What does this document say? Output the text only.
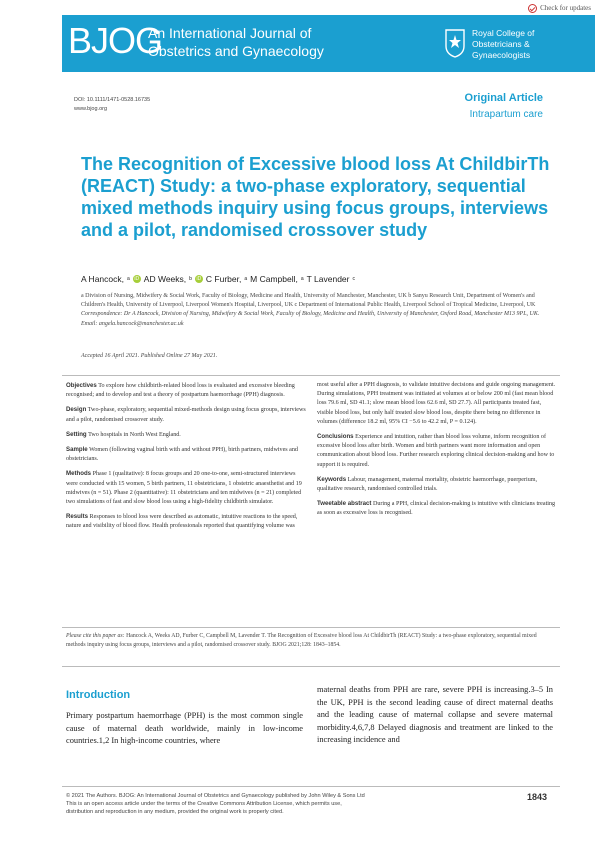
Check for updates
BJOG
An International Journal of
Obstetrics and Gynaecology
Royal College of
Obstetricians &
Gynaecologists
DOI: 10.1111/1471-0528.16735
www.bjog.org
Original Article
Intrapartum care
The Recognition of Excessive blood loss At ChildbirTh (REACT) Study: a two-phase exploratory, sequential mixed methods inquiry using focus groups, interviews and a pilot, randomised crossover study
A Hancock, a iD AD Weeks, b iD C Furber, a M Campbell, a T Lavender c
a Division of Nursing, Midwifery & Social Work, Faculty of Biology, Medicine and Health, University of Manchester, Manchester, UK b Sanyu Research Unit, Department of Women's and Children's Health, University of Liverpool, Liverpool Women's Hospital, Liverpool, UK c Department of International Public Health, Liverpool School of Tropical Medicine, Liverpool, UK
Correspondence: Dr A Hancock, Division of Nursing, Midwifery & Social Work, Faculty of Biology, Medicine and Health, University of Manchester, Oxford Road, Manchester M13 9PL, UK. Email: angela.hancock@manchester.ac.uk
Accepted 16 April 2021. Published Online 27 May 2021.

Objectives To explore how childbirth-related blood loss is evaluated and excessive bleeding recognised; and to develop and test a theory of postpartum haemorrhage (PPH) diagnosis.

Design Two-phase, exploratory, sequential mixed-methods design using focus groups, interviews and a pilot, randomised crossover study.

Setting Two hospitals in North West England.

Sample Women (following vaginal birth with and without PPH), birth partners, midwives and obstetricians.

Methods Phase 1 (qualitative): 8 focus groups and 20 one-to-one, semi-structured interviews were conducted with 15 women, 5 birth partners, 11 obstetricians, 1 obstetric anaesthetist and 19 midwives (n = 51). Phase 2 (quantitative): 11 obstetricians and ten midwives (n = 21) completed two simulations of fast and slow blood loss using a high-fidelity childbirth simulator.

Results Responses to blood loss were described as automatic, intuitive reactions to the speed, nature and visibility of blood flow. Health professionals reported that quantifying volume was

most useful after a PPH diagnosis, to validate intuitive decisions and guide ongoing management. During simulations, PPH treatment was initiated at volumes at or below 200 ml (fast mean blood loss 79.6 ml, SD 41.1; slow mean blood loss 62.6 ml, SD 27.7). All participants treated fast, visible blood loss, but only half treated slow blood loss, despite there being no difference in volumes (difference 18.2 ml, 95% CI −5.6 to 42.2 ml, P = 0.124).

Conclusions Experience and intuition, rather than blood loss volume, inform recognition of excessive blood loss after birth. Women and birth partners want more information and open communication about blood loss. Further research exploring clinical decision-making and how to support it is required.

Keywords Labour, management, maternal mortality, obstetric haemorrhage, puerperium, qualitative research, randomised controlled trials.

Tweetable abstract During a PPH, clinical decision-making is intuitive with clinicians treating as soon as excessive loss is recognised.

Please cite this paper as: Hancock A, Weeks AD, Furber C, Campbell M, Lavender T. The Recognition of Excessive blood loss At ChildbirTh (REACT) Study: a two-phase exploratory, sequential mixed methods inquiry using focus groups, interviews and a pilot, randomised crossover study. BJOG 2021;128: 1843–1854.
Introduction
Primary postpartum haemorrhage (PPH) is the most common single cause of maternal death worldwide, mainly in low-income countries.1,2 In high-income countries, where
maternal deaths from PPH are rare, severe PPH is increasing.3–5 In the UK, PPH is the second leading cause of direct maternal deaths and the leading cause of maternal collapse and severe maternal morbidity.4,6,7,8 Delayed diagnosis and treatment are linked to the increasing incidence and
© 2021 The Authors. BJOG: An International Journal of Obstetrics and Gynaecology published by John Wiley & Sons Ltd
This is an open access article under the terms of the Creative Commons Attribution License, which permits use,
distribution and reproduction in any medium, provided the original work is properly cited.
1843
